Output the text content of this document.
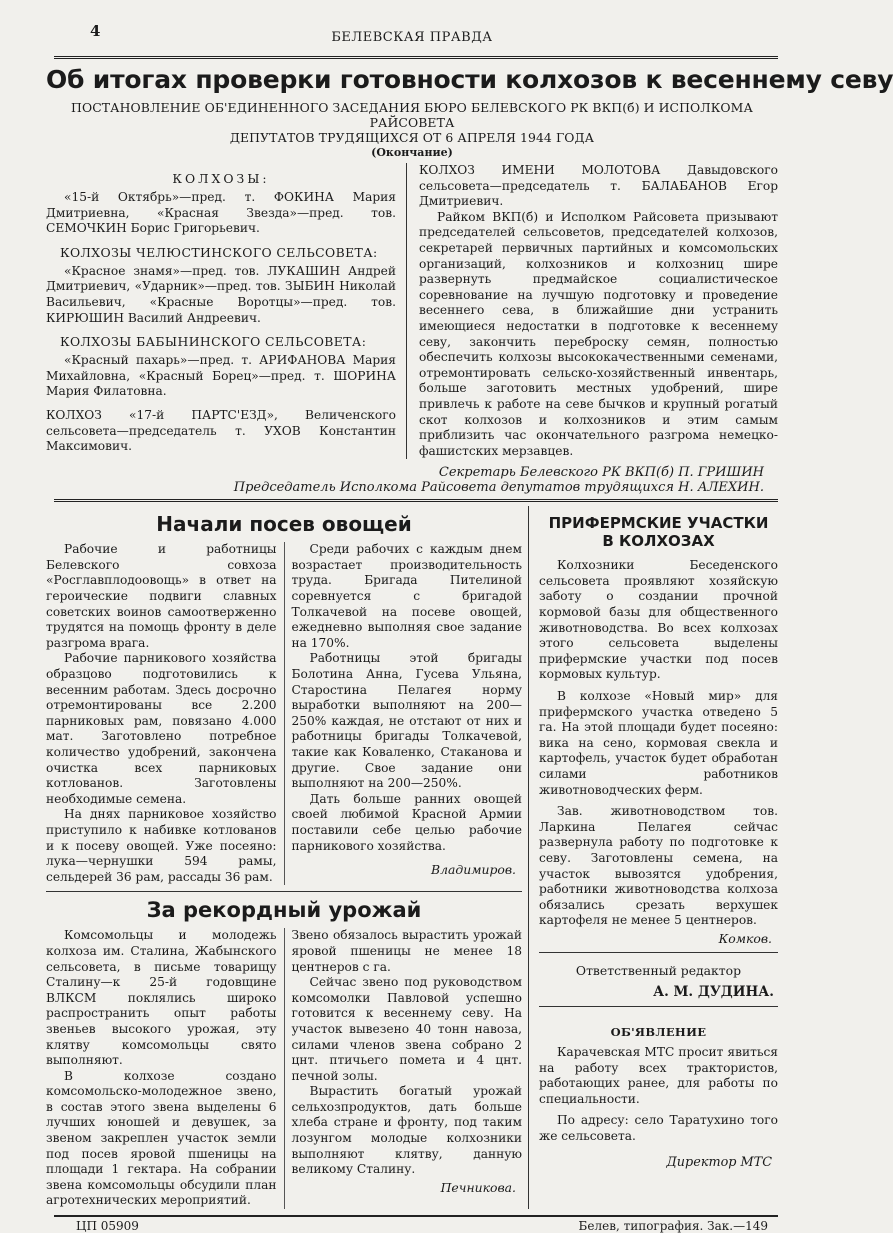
4	БЕЛЕВСКАЯ ПРАВДА
Об итогах проверки готовности колхозов к весеннему севу
ПОСТАНОВЛЕНИЕ ОБ'ЕДИНЕННОГО ЗАСЕДАНИЯ БЮРО БЕЛЕВСКОГО РК ВКП(б) И ИСПОЛКОМА РАЙСОВЕТА
ДЕПУТАТОВ ТРУДЯЩИХСЯ ОТ 6 АПРЕЛЯ 1944 ГОДА
(Окончание)
КОЛХОЗЫ:

«15-й Октябрь»—пред. т. ФОКИНА Мария Дмитриевна, «Красная Звезда»—пред. тов. СЕМОЧКИН Борис Григорьевич.

КОЛХОЗЫ ЧЕЛЮСТИНСКОГО СЕЛЬСОВЕТА:

«Красное знамя»—пред. тов. ЛУКАШИН Андрей Дмитриевич, «Ударник»—пред. тов. ЗЫБИН Николай Васильевич, «Красные Воротцы»—пред. тов. КИРЮШИН Василий Андреевич.

КОЛХОЗЫ БАБЫНИНСКОГО СЕЛЬСОВЕТА:

«Красный пахарь»—пред. т. АРИФАНОВА Мария Михайловна, «Красный Борец»—пред. т. ШОРИНА Мария Филатовна.

КОЛХОЗ «17-й ПАРТС'ЕЗД», Величенского сельсовета—председатель т. УХОВ Константин Максимович.

КОЛХОЗ ИМЕНИ МОЛОТОВА Давыдовского сельсовета—председатель т. БАЛАБАНОВ Егор Дмитриевич.

Райком ВКП(б) и Исполком Райсовета призывают председателей сельсоветов, председателей колхозов, секретарей первичных партийных и комсомольских организаций, колхозников и колхозниц шире развернуть предмайское социалистическое соревнование на лучшую подготовку и проведение весеннего сева, в ближайшие дни устранить имеющиеся недостатки в подготовке к весеннему севу, закончить переброску семян, полностью обеспечить колхозы высококачественными семенами, отремонтировать сельско-хозяйственный инвентарь, больше заготовить местных удобрений, шире привлечь к работе на севе бычков и крупный рогатый скот колхозов и колхозников и этим самым приблизить час окончательного разгрома немецко-фашистских мерзавцев.

Секретарь Белевского РК ВКП(б) П. ГРИШИН
Председатель Исполкома Райсовета депутатов трудящихся Н. АЛЕХИН.
Начали посев овощей

Рабочие и работницы Белевского совхоза «Росглавплодоовощь» в ответ на героические подвиги славных советских воинов самоотверженно трудятся на помощь фронту в деле разгрома врага.

Рабочие парникового хозяйства образцово подготовились к весенним работам. Здесь досрочно отремонтированы все 2.200 парниковых рам, повязано 4.000 мат. Заготовлено потребное количество удобрений, закончена очистка всех парниковых котлованов. Заготовлены необходимые семена.

На днях парниковое хозяйство приступило к набивке котлованов и к посеву овощей. Уже посеяно: лука—чернушки 594 рамы, сельдерей 36 рам, рассады 36 рам.

Среди рабочих с каждым днем возрастает производительность труда. Бригада Пителиной соревнуется с бригадой Толкачевой на посеве овощей, ежедневно выполняя свое задание на 170%.

Работницы этой бригады Болотина Анна, Гусева Ульяна, Старостина Пелагея норму выработки выполняют на 200—250% каждая, не отстают от них и работницы бригады Толкачевой, такие как Коваленко, Стаканова и другие. Свое задание они выполняют на 200—250%.

Дать больше ранних овощей своей любимой Красной Армии поставили себе целью рабочие парникового хозяйства.

Владимиров.
За рекордный урожай

Комсомольцы и молодежь колхоза им. Сталина, Жабынского сельсовета, в письме товарищу Сталину—к 25-й годовщине ВЛКСМ поклялись широко распространить опыт работы звеньев высокого урожая, эту клятву комсомольцы свято выполняют.

В колхозе создано комсомольско-молодежное звено, в состав этого звена выделены 6 лучших юношей и девушек, за звеном закреплен участок земли под посев яровой пшеницы на площади 1 гектара. На собрании звена комсомольцы обсудили план агротехнических мероприятий.

Звено обязалось вырастить урожай яровой пшеницы не менее 18 центнеров с га.

Сейчас звено под руководством комсомолки Павловой успешно готовится к весеннему севу. На участок вывезено 40 тонн навоза, силами членов звена собрано 2 цнт. птичьего помета и 4 цнт. печной золы.

Вырастить богатый урожай сельхозпродуктов, дать больше хлеба стране и фронту, под таким лозунгом молодые колхозники выполняют клятву, данную великому Сталину.

Печникова.
ПРИФЕРМСКИЕ УЧАСТКИ
В КОЛХОЗАХ

Колхозники Беседенского сельсовета проявляют хозяйскую заботу о создании прочной кормовой базы для общественного животноводства. Во всех колхозах этого сельсовета выделены прифермские участки под посев кормовых культур.

В колхозе «Новый мир» для прифермского участка отведено 5 га. На этой площади будет посеяно: вика на сено, кормовая свекла и картофель, участок будет обработан силами работников животноводческих ферм.

Зав. животноводством тов. Ларкина Пелагея сейчас развернула работу по подготовке к севу. Заготовлены семена, на участок вывозятся удобрения, работники животноводства колхоза обязались срезать верхушек картофеля не менее 5 центнеров.

Комков.
Ответственный редактор
А. М. ДУДИНА.
ОБ'ЯВЛЕНИЕ

Карачевская МТС просит явиться на работу всех трактористов, работающих ранее, для работы по специальности.

По адресу: село Таратухино того же сельсовета.

Директор МТС
ЦП 05909	Белев, типография. Зак.—149
